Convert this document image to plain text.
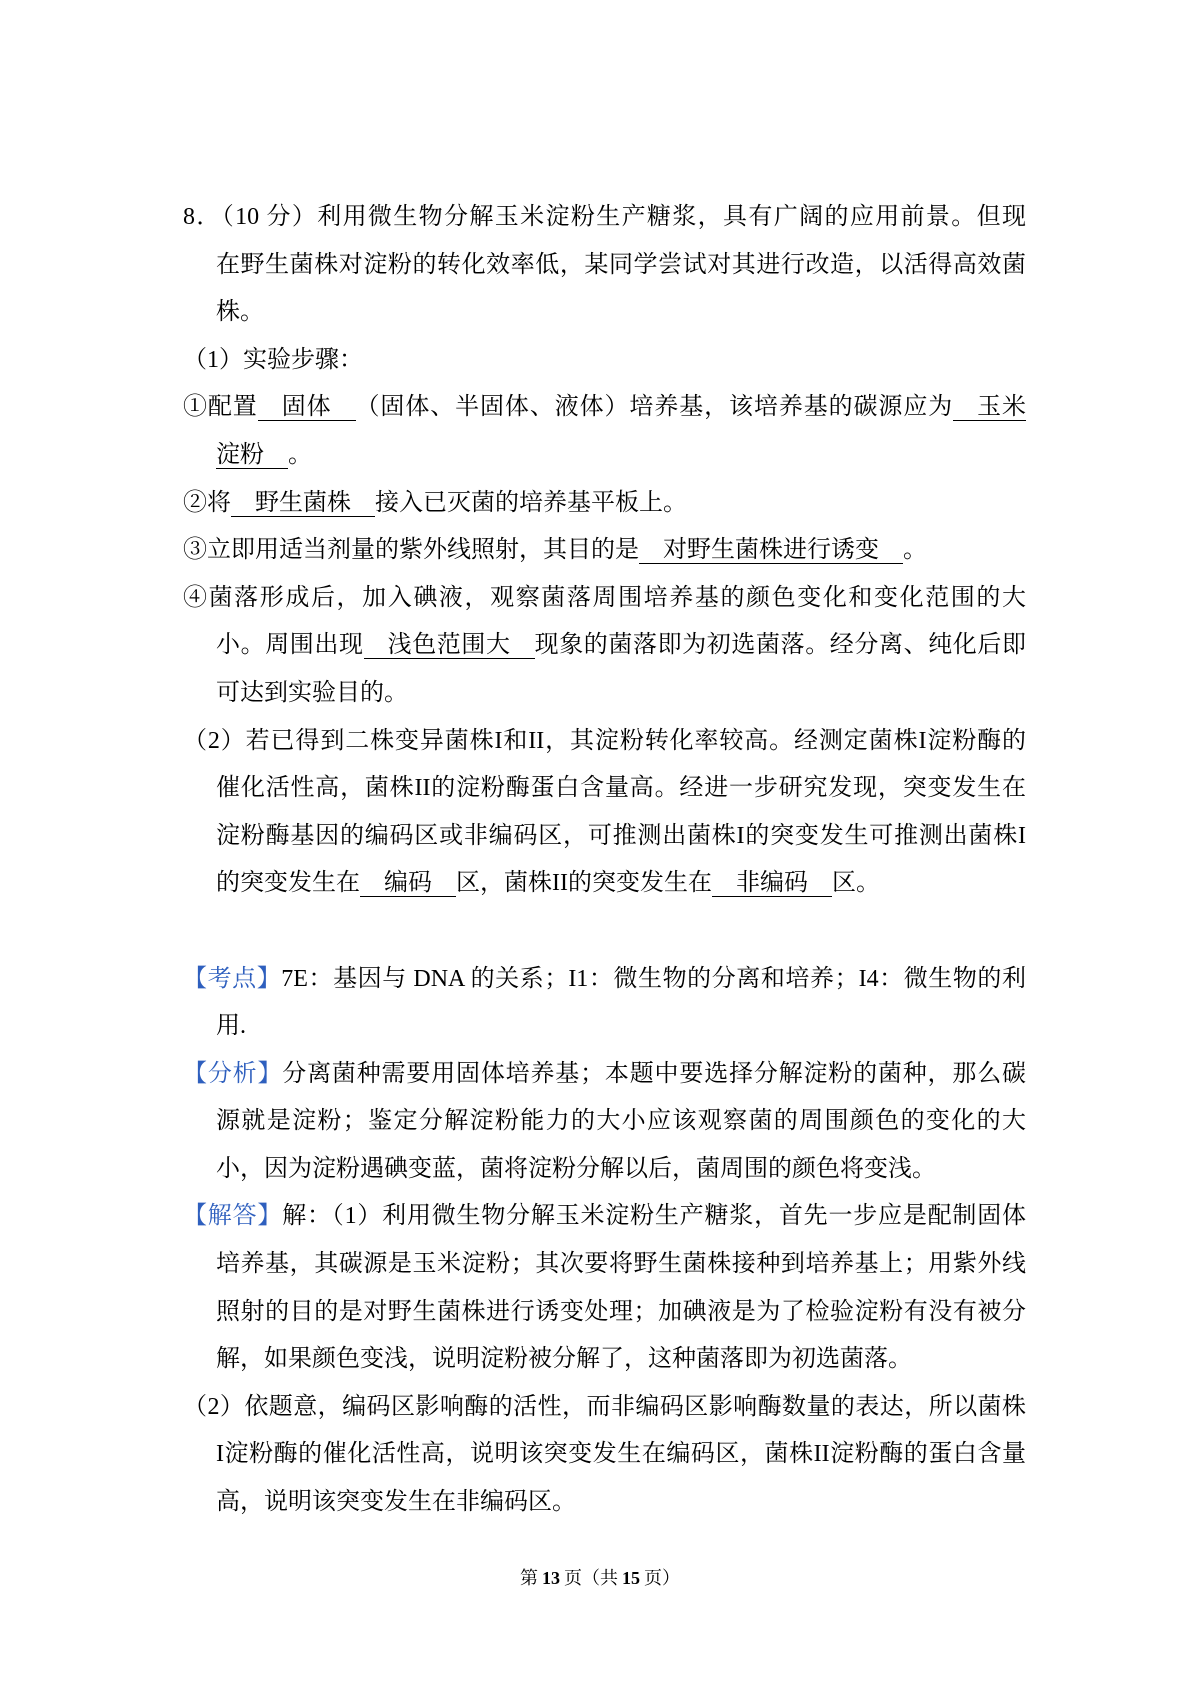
8．（10 分）利用微生物分解玉米淀粉生产糖浆，具有广阔的应用前景。但现
在野生菌株对淀粉的转化效率低，某同学尝试对其进行改造，以活得高效菌
株。
（1）实验步骤：
①配置 固体 （固体、半固体、液体）培养基，该培养基的碳源应为 玉米
淀粉 。
②将 野生菌株 接入已灭菌的培养基平板上。
③立即用适当剂量的紫外线照射，其目的是 对野生菌株进行诱变 。
④菌落形成后，加入碘液，观察菌落周围培养基的颜色变化和变化范围的大
小。周围出现 浅色范围大 现象的菌落即为初选菌落。经分离、纯化后即
可达到实验目的。
（2）若已得到二株变异菌株I和II，其淀粉转化率较高。经测定菌株I淀粉酶的
催化活性高，菌株II的淀粉酶蛋白含量高。经进一步研究发现，突变发生在
淀粉酶基因的编码区或非编码区，可推测出菌株I的突变发生可推测出菌株I
的突变发生在 编码 区，菌株II的突变发生在 非编码 区。
【考点】7E：基因与 DNA 的关系；I1：微生物的分离和培养；I4：微生物的利
用.
【分析】分离菌种需要用固体培养基；本题中要选择分解淀粉的菌种，那么碳
源就是淀粉；鉴定分解淀粉能力的大小应该观察菌的周围颜色的变化的大
小，因为淀粉遇碘变蓝，菌将淀粉分解以后，菌周围的颜色将变浅。
【解答】解：（1）利用微生物分解玉米淀粉生产糖浆，首先一步应是配制固体
培养基，其碳源是玉米淀粉；其次要将野生菌株接种到培养基上；用紫外线
照射的目的是对野生菌株进行诱变处理；加碘液是为了检验淀粉有没有被分
解，如果颜色变浅，说明淀粉被分解了，这种菌落即为初选菌落。
（2）依题意，编码区影响酶的活性，而非编码区影响酶数量的表达，所以菌株
I淀粉酶的催化活性高，说明该突变发生在编码区，菌株II淀粉酶的蛋白含量
高，说明该突变发生在非编码区。
第 13 页（共 15 页）
